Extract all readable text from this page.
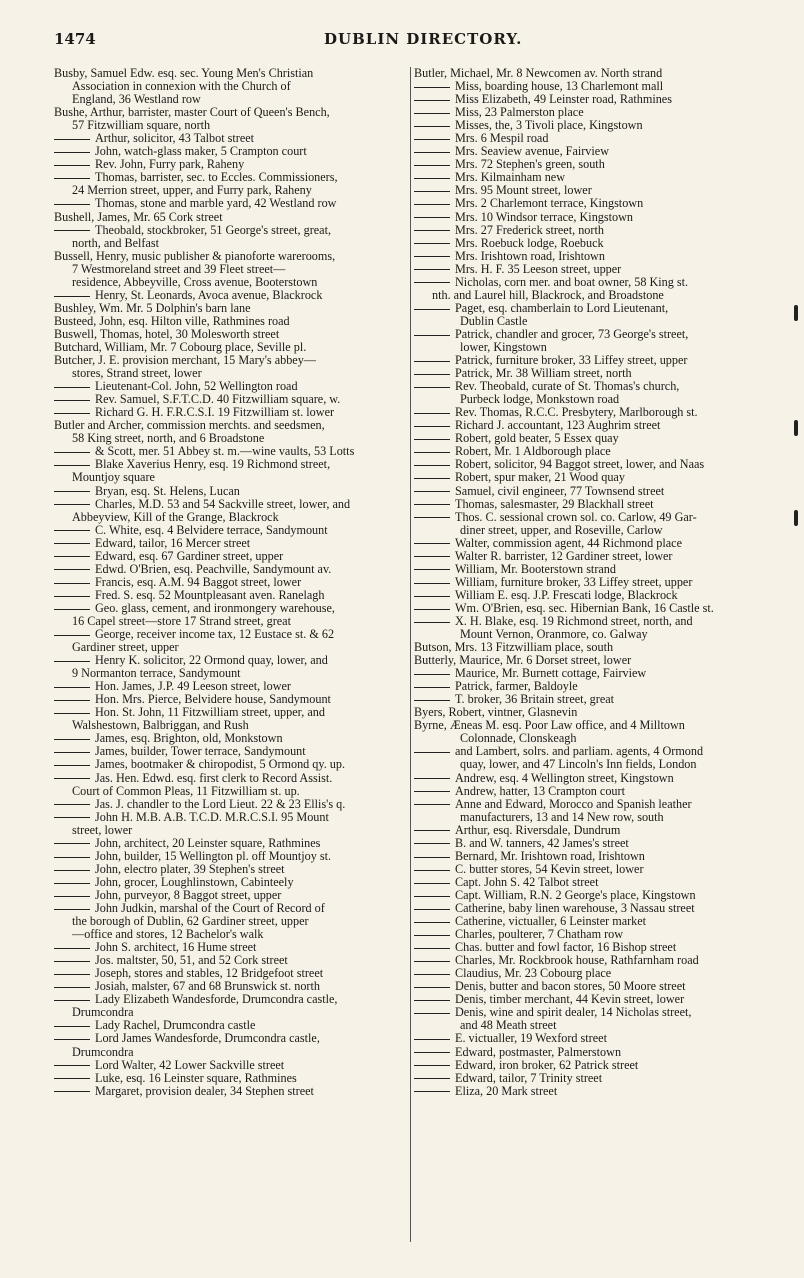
1474	DUBLIN DIRECTORY.
Busby, Samuel Edw. esq. sec. Young Men's Christian
Association in connexion with the Church of
England, 36 Westland row
Bushe, Arthur, barrister, master Court of Queen's Bench,
57 Fitzwilliam square, north
Arthur, solicitor, 43 Talbot street
John, watch-glass maker, 5 Crampton court
Rev. John, Furry park, Raheny
Thomas, barrister, sec. to Eccles. Commissioners,
24 Merrion street, upper, and Furry park, Raheny
Thomas, stone and marble yard, 42 Westland row
Bushell, James, Mr. 65 Cork street
Theobald, stockbroker, 51 George's street, great,
north, and Belfast
Bussell, Henry, music publisher & pianoforte warerooms,
7 Westmoreland street and 39 Fleet street—
residence, Abbeyville, Cross avenue, Booterstown
Henry, St. Leonards, Avoca avenue, Blackrock
Bushley, Wm. Mr. 5 Dolphin's barn lane
Busteed, John, esq. Hilton ville, Rathmines road
Buswell, Thomas, hotel, 30 Molesworth street
Butchard, William, Mr. 7 Cobourg place, Seville pl.
Butcher, J. E. provision merchant, 15 Mary's abbey—
stores, Strand street, lower
Lieutenant-Col. John, 52 Wellington road
Rev. Samuel, S.F.T.C.D. 40 Fitzwilliam square, w.
Richard G. H. F.R.C.S.I. 19 Fitzwilliam st. lower
Butler and Archer, commission merchts. and seedsmen,
58 King street, north, and 6 Broadstone
& Scott, mer. 51 Abbey st. m.—wine vaults, 53 Lotts
Blake Xaverius Henry, esq. 19 Richmond street,
Mountjoy square
Bryan, esq. St. Helens, Lucan
Charles, M.D. 53 and 54 Sackville street, lower, and
Abbeyview, Kill of the Grange, Blackrock
C. White, esq. 4 Belvidere terrace, Sandymount
Edward, tailor, 16 Mercer street
Edward, esq. 67 Gardiner street, upper
Edwd. O'Brien, esq. Peachville, Sandymount av.
Francis, esq. A.M. 94 Baggot street, lower
Fred. S. esq. 52 Mountpleasant aven. Ranelagh
Geo. glass, cement, and ironmongery warehouse,
16 Capel street—store 17 Strand street, great
George, receiver income tax, 12 Eustace st. & 62
Gardiner street, upper
Henry K. solicitor, 22 Ormond quay, lower, and
9 Normanton terrace, Sandymount
Hon. James, J.P. 49 Leeson street, lower
Hon. Mrs. Pierce, Belvidere house, Sandymount
Hon. St. John, 11 Fitzwilliam street, upper, and
Walshestown, Balbriggan, and Rush
James, esq. Brighton, old, Monkstown
James, builder, Tower terrace, Sandymount
James, bootmaker & chiropodist, 5 Ormond qy. up.
Jas. Hen. Edwd. esq. first clerk to Record Assist.
Court of Common Pleas, 11 Fitzwilliam st. up.
Jas. J. chandler to the Lord Lieut. 22 & 23 Ellis's q.
John H. M.B. A.B. T.C.D. M.R.C.S.I. 95 Mount
street, lower
John, architect, 20 Leinster square, Rathmines
John, builder, 15 Wellington pl. off Mountjoy st.
John, electro plater, 39 Stephen's street
John, grocer, Loughlinstown, Cabinteely
John, purveyor, 8 Baggot street, upper
John Judkin, marshal of the Court of Record of
the borough of Dublin, 62 Gardiner street, upper
—office and stores, 12 Bachelor's walk
John S. architect, 16 Hume street
Jos. maltster, 50, 51, and 52 Cork street
Joseph, stores and stables, 12 Bridgefoot street
Josiah, malster, 67 and 68 Brunswick st. north
Lady Elizabeth Wandesforde, Drumcondra castle,
Drumcondra
Lady Rachel, Drumcondra castle
Lord James Wandesforde, Drumcondra castle,
Drumcondra
Lord Walter, 42 Lower Sackville street
Luke, esq. 16 Leinster square, Rathmines
Margaret, provision dealer, 34 Stephen street
Butler, Michael, Mr. 8 Newcomen av. North strand
Miss, boarding house, 13 Charlemont mall
Miss Elizabeth, 49 Leinster road, Rathmines
Miss, 23 Palmerston place
Misses, the, 3 Tivoli place, Kingstown
Mrs. 6 Mespil road
Mrs. Seaview avenue, Fairview
Mrs. 72 Stephen's green, south
Mrs. Kilmainham new
Mrs. 95 Mount street, lower
Mrs. 2 Charlemont terrace, Kingstown
Mrs. 10 Windsor terrace, Kingstown
Mrs. 27 Frederick street, north
Mrs. Roebuck lodge, Roebuck
Mrs. Irishtown road, Irishtown
Mrs. H. F. 35 Leeson street, upper
Nicholas, corn mer. and boat owner, 58 King st.
nth. and Laurel hill, Blackrock, and Broadstone
Paget, esq. chamberlain to Lord Lieutenant,
Dublin Castle
Patrick, chandler and grocer, 73 George's street,
lower, Kingstown
Patrick, furniture broker, 33 Liffey street, upper
Patrick, Mr. 38 William street, north
Rev. Theobald, curate of St. Thomas's church,
Purbeck lodge, Monkstown road
Rev. Thomas, R.C.C. Presbytery, Marlborough st.
Richard J. accountant, 123 Aughrim street
Robert, gold beater, 5 Essex quay
Robert, Mr. 1 Aldborough place
Robert, solicitor, 94 Baggot street, lower, and Naas
Robert, spur maker, 21 Wood quay
Samuel, civil engineer, 77 Townsend street
Thomas, salesmaster, 29 Blackhall street
Thos. C. sessional crown sol. co. Carlow, 49 Gar-
diner street, upper, and Roseville, Carlow
Walter, commission agent, 44 Richmond place
Walter R. barrister, 12 Gardiner street, lower
William, Mr. Booterstown strand
William, furniture broker, 33 Liffey street, upper
William E. esq. J.P. Frescati lodge, Blackrock
Wm. O'Brien, esq. sec. Hibernian Bank, 16 Castle st.
X. H. Blake, esq. 19 Richmond street, north, and
Mount Vernon, Oranmore, co. Galway
Butson, Mrs. 13 Fitzwilliam place, south
Butterly, Maurice, Mr. 6 Dorset street, lower
Maurice, Mr. Burnett cottage, Fairview
Patrick, farmer, Baldoyle
T. broker, 36 Britain street, great
Byers, Robert, vintner, Glasnevin
Byrne, Æneas M. esq. Poor Law office, and 4 Milltown
Colonnade, Clonskeagh
and Lambert, solrs. and parliam. agents, 4 Ormond
quay, lower, and 47 Lincoln's Inn fields, London
Andrew, esq. 4 Wellington street, Kingstown
Andrew, hatter, 13 Crampton court
Anne and Edward, Morocco and Spanish leather
manufacturers, 13 and 14 New row, south
Arthur, esq. Riversdale, Dundrum
B. and W. tanners, 42 James's street
Bernard, Mr. Irishtown road, Irishtown
C. butter stores, 54 Kevin street, lower
Capt. John S. 42 Talbot street
Capt. William, R.N. 2 George's place, Kingstown
Catherine, baby linen warehouse, 3 Nassau street
Catherine, victualler, 6 Leinster market
Charles, poulterer, 7 Chatham row
Chas. butter and fowl factor, 16 Bishop street
Charles, Mr. Rockbrook house, Rathfarnham road
Claudius, Mr. 23 Cobourg place
Denis, butter and bacon stores, 50 Moore street
Denis, timber merchant, 44 Kevin street, lower
Denis, wine and spirit dealer, 14 Nicholas street,
and 48 Meath street
E. victualler, 19 Wexford street
Edward, postmaster, Palmerstown
Edward, iron broker, 62 Patrick street
Edward, tailor, 7 Trinity street
Eliza, 20 Mark street
